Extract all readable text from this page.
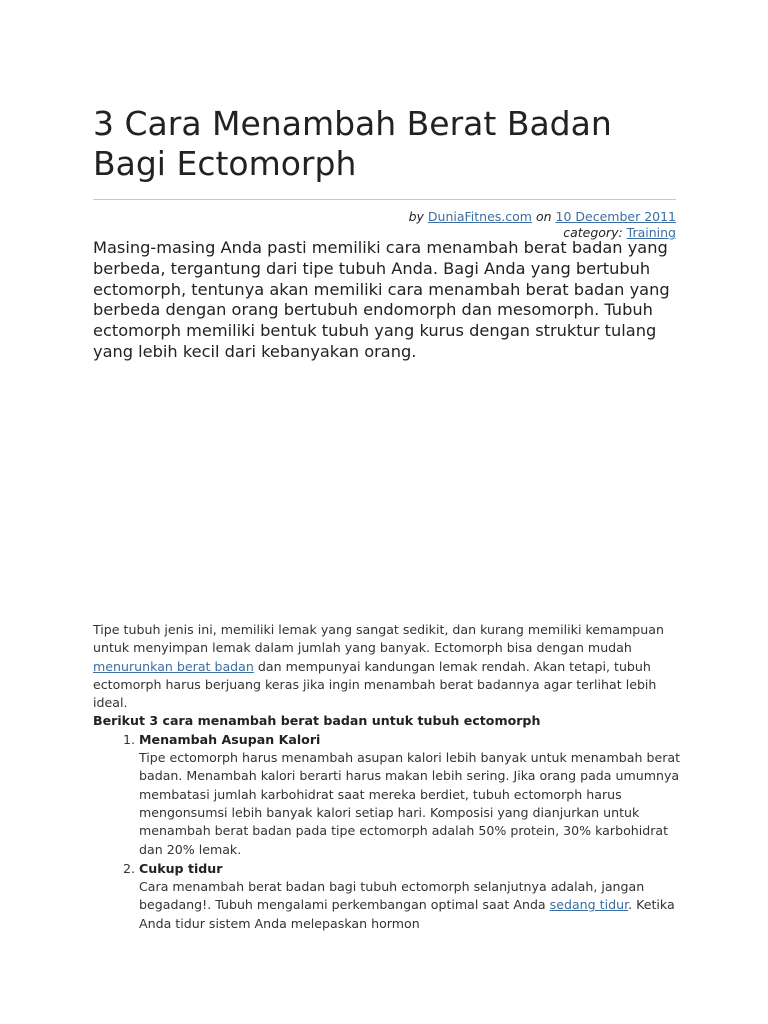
3 Cara Menambah Berat Badan Bagi Ectomorph
by DuniaFitnes.com on 10 December 2011
category: Training

Masing-masing Anda pasti memiliki cara menambah berat badan yang berbeda, tergantung dari tipe tubuh Anda. Bagi Anda yang bertubuh ectomorph, tentunya akan memiliki cara menambah berat badan yang berbeda dengan orang bertubuh endomorph dan mesomorph. Tubuh ectomorph memiliki bentuk tubuh yang kurus dengan struktur tulang yang lebih kecil dari kebanyakan orang.

Tipe tubuh jenis ini, memiliki lemak yang sangat sedikit, dan kurang memiliki kemampuan untuk menyimpan lemak dalam jumlah yang banyak. Ectomorph bisa dengan mudah menurunkan berat badan dan mempunyai kandungan lemak rendah. Akan tetapi, tubuh ectomorph harus berjuang keras jika ingin menambah berat badannya agar terlihat lebih ideal.

Berikut 3 cara menambah berat badan untuk tubuh ectomorph

1. Menambah Asupan Kalori
Tipe ectomorph harus menambah asupan kalori lebih banyak untuk menambah berat badan. Menambah kalori berarti harus makan lebih sering. Jika orang pada umumnya membatasi jumlah karbohidrat saat mereka berdiet, tubuh ectomorph harus mengonsumsi lebih banyak kalori setiap hari. Komposisi yang dianjurkan untuk menambah berat badan pada tipe ectomorph adalah 50% protein, 30% karbohidrat dan 20% lemak.
2. Cukup tidur
Cara menambah berat badan bagi tubuh ectomorph selanjutnya adalah, jangan begadang!. Tubuh mengalami perkembangan optimal saat Anda sedang tidur. Ketika Anda tidur sistem Anda melepaskan hormon
